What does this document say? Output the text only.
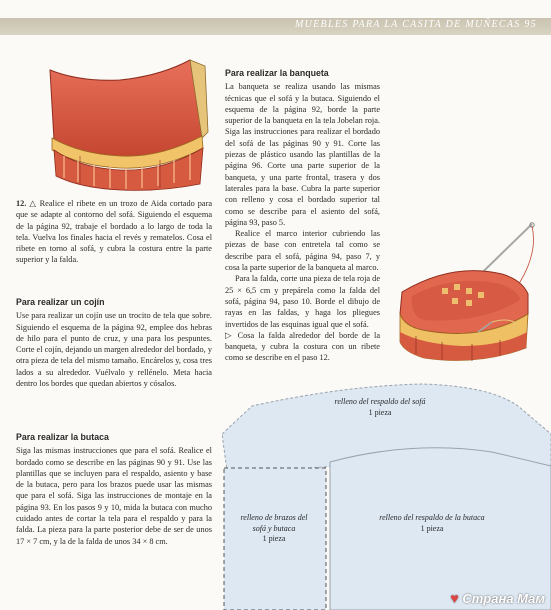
MUEBLES PARA LA CASITA DE MUÑECAS 95
12. △ Realice el ribete en un trozo de Aida cortado para que se adapte al contorno del sofá. Siguiendo el esquema de la página 92, trabaje el bordado a lo largo de toda la tela. Vuelva los finales hacia el revés y rematelos. Cosa el ribete en torno al sofá, y cubra la costura entre la parte superior y la falda.
Para realizar un cojín

Use para realizar un cojín use un trocito de tela que sobre. Siguiendo el esquema de la página 92, emplee dos hebras de hilo para el punto de cruz, y una para los pespuntes. Corte el cojín, dejando un margen alrededor del bordado, y otra pieza de tela del mismo tamaño. Encárelos y, cosa tres lados a su alrededor. Vuélvalo y rellénelo. Meta hacia dentro los bordes que quedan abiertos y cósalos.

Para realizar la butaca

Siga las mismas instrucciones que para el sofá. Realice el bordado como se describe en las páginas 90 y 91. Use las plantillas que se incluyen para el respaldo, asiento y base de la butaca, pero para los brazos puede usar las mismas que para el sofá. Siga las instrucciones de montaje en la página 93. En los pasos 9 y 10, mida la butaca con mucho cuidado antes de cortar la tela para el respaldo y para la falda. La pieza para la parte posterior debe de ser de unos 17 × 7 cm, y la de la falda de unos 34 × 8 cm.

Para realizar la banqueta

La banqueta se realiza usando las mismas técnicas que el sofá y la butaca. Siguiendo el esquema de la página 92, borde la parte superior de la banqueta en la tela Jobelan roja. Siga las instrucciones para realizar el bordado del sofá de las páginas 90 y 91. Corte las piezas de plástico usando las plantillas de la página 96. Corte una parte superior de la banqueta, y una parte frontal, trasera y dos laterales para la base. Cubra la parte superior con relleno y cosa el bordado superior tal como se describe para el asiento del sofá, página 93, paso 5.

Realice el marco interior cubriendo las piezas de base con entretela tal como se describe para el sofá, página 94, paso 7, y cosa la parte superior de la banqueta al marco.

Para la falda, corte una pieza de tela roja de 25 × 6,5 cm y prepárela como la falda del sofá, página 94, paso 10. Borde el dibujo de rayas en las faldas, y haga los pliegues invertidos de las esquinas igual que el sofá.

▷ Cosa la falda alrededor del borde de la banqueta, y cubra la costura con un ribete como se describe en el paso 12.

relleno del respaldo del sofá
1 pieza
relleno de brazos del
sofá y butaca
1 pieza
relleno del respaldo de la butaca
1 pieza
♥ Страна Мам
